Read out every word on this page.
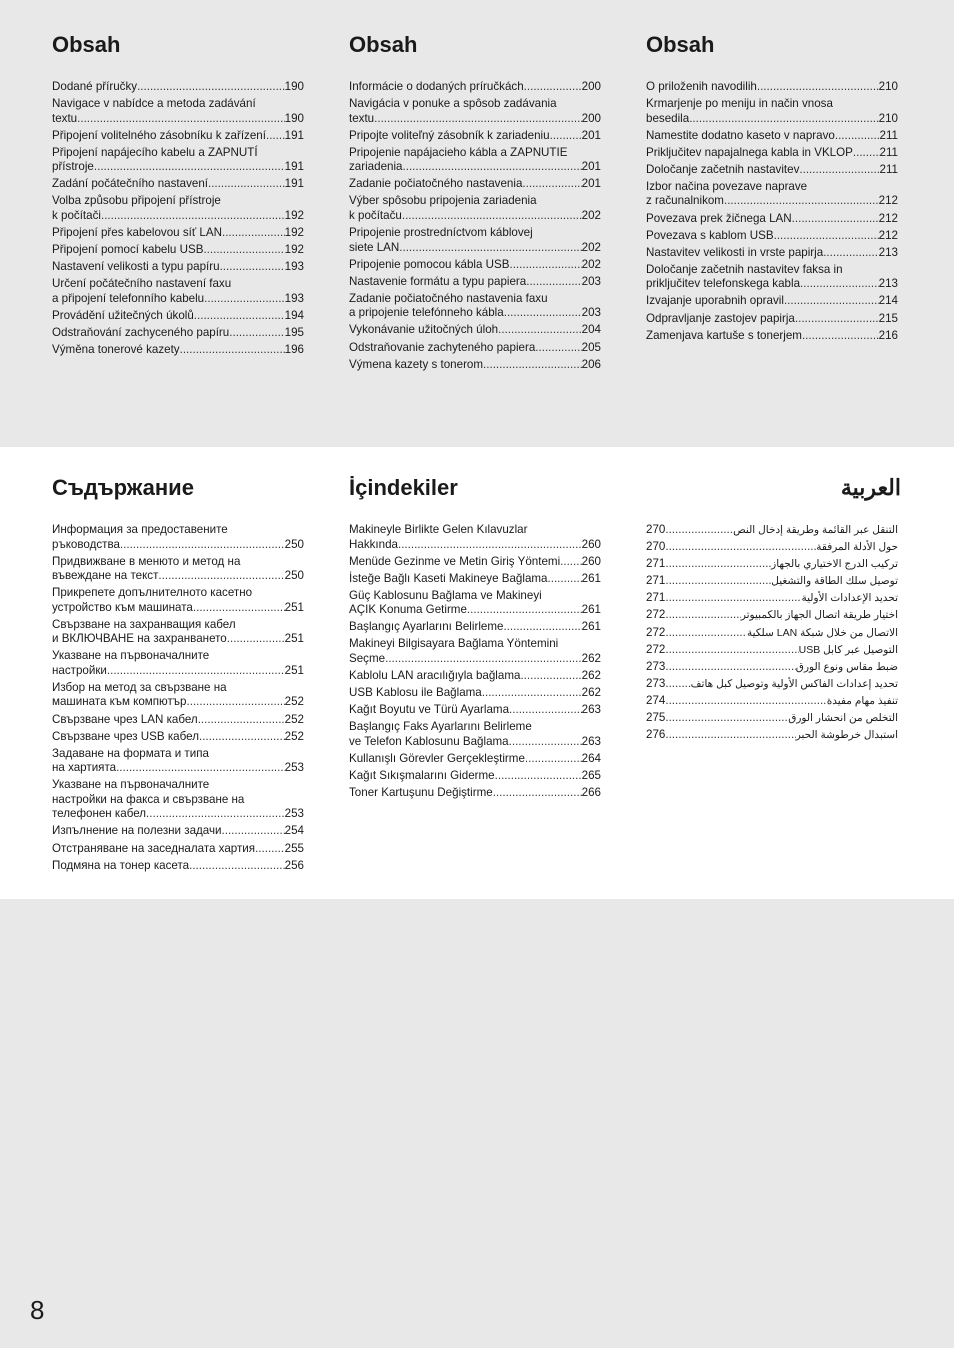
Obsah
Dodané příručky .....	190
Navigace v nabídce a metoda zadávání
textu .....	190
Připojení volitelného zásobníku k zařízení ..... 191
Připojení napájecího kabelu a ZAPNUTÍ
přístroje .....	191
Zadání počátečního nastavení .....	191
Volba způsobu připojení přístroje
k počítači .....	192
Připojení přes kabelovou síť LAN .....	192
Připojení pomocí kabelu USB .....	192
Nastavení velikosti a typu papíru .....	193
Určení počátečního nastavení faxu
a připojení telefonního kabelu .....	193
Provádění užitečných úkolů .....	194
Odstraňování zachyceného papíru .....	195
Výměna tonerové kazety .....	196
Obsah
Informácie o dodaných príručkách .....	200
Navigácia v ponuke a spôsob zadávania
textu .....	200
Pripojte voliteľný zásobník k zariadeniu .....	201
Pripojenie napájacieho kábla a ZAPNUTIE
zariadenia .....	201
Zadanie počiatočného nastavenia .....	201
Výber spôsobu pripojenia zariadenia
k počítaču .....	202
Pripojenie prostredníctvom káblovej
siete LAN .....	202
Pripojenie pomocou kábla USB .....	202
Nastavenie formátu a typu papiera .....	203
Zadanie počiatočného nastavenia faxu
a pripojenie telefónneho kábla .....	203
Vykonávanie užitočných úloh .....	204
Odstraňovanie zachyteného papiera .....	205
Výmena kazety s tonerom .....	206
Obsah
O priloženih navodilih .....	210
Krmarjenje po meniju in način vnosa
besedila .....	210
Namestite dodatno kaseto v napravo .....	211
Priključitev napajalnega kabla in VKLOP ..... 211
Določanje začetnih nastavitev .....	211
Izbor načina povezave naprave
z računalnikom .....	212
Povezava prek žičnega LAN .....	212
Povezava s kablom USB .....	212
Nastavitev velikosti in vrste papirja .....	213
Določanje začetnih nastavitev faksa in
priključitev telefonskega kabla .....	213
Izvajanje uporabnih opravil .....	214
Odpravljanje zastojev papirja .....	215
Zamenjava kartuše s tonerjem .....	216
Съдържание
Информация за предоставените
ръководства .....	250
Придвижване в менюто и метод на
въвеждане на текст .....	250
Прикрепете допълнителното касетно
устройство към машината .....	251
Свързване на захранващия кабел
и ВКЛЮЧВАНЕ на захранването .....	251
Указване на първоначалните
настройки .....	251
Избор на метод за свързване на
машината към компютър .....	252
Свързване чрез LAN кабел .....	252
Свързване чрез USB кабел .....	252
Задаване на формата и типа
на хартията .....	253
Указване на първоначалните
настройки на факса и свързване на
телефонен кабел .....	253
Изпълнение на полезни задачи .....	254
Отстраняване на заседналата хартия .....	255
Подмяна на тонер касета .....	256
İçindekiler
Makineyle Birlikte Gelen Kılavuzlar
Hakkında .....	260
Menüde Gezinme ve Metin Giriş Yöntemi ..... 260
İsteğe Bağlı Kaseti Makineye Bağlama .....	261
Güç Kablosunu Bağlama ve Makineyi
AÇIK Konuma Getirme .....	261
Başlangıç Ayarlarını Belirleme .....	261
Makineyi Bilgisayara Bağlama Yöntemini
Seçme .....	262
Kablolu LAN aracılığıyla bağlama .....	262
USB Kablosu ile Bağlama .....	262
Kağıt Boyutu ve Türü Ayarlama .....	263
Başlangıç Faks Ayarlarını Belirleme
ve Telefon Kablosunu Bağlama .....	263
Kullanışlı Görevler Gerçekleştirme .....	264
Kağıt Sıkışmalarını Giderme .....	265
Toner Kartuşunu Değiştirme .....	266
العربية
270 .....	التنقل عبر القائمة وطريقة إدخال النص
270 .....	حول الأدلة المرفقة
271 .....	تركيب الدرج الاختياري بالجهاز
271 .....	توصيل سلك الطاقة والتشغيل
271 .....	تحديد الإعدادات الأولية
272 .....	اختيار طريقة اتصال الجهاز بالكمبيوتر
272 .....	الاتصال من خلال شبكة LAN سلكية
272 .....	التوصيل عبر كابل USB
273 .....	ضبط مقاس ونوع الورق
273 ..... تحديد إعدادات الفاكس الأولية وتوصيل كبل هاتف
274 .....	تنفيذ مهام مفيدة
275 .....	التخلص من انحشار الورق
276 .....	استبدال خرطوشة الحبر
8
